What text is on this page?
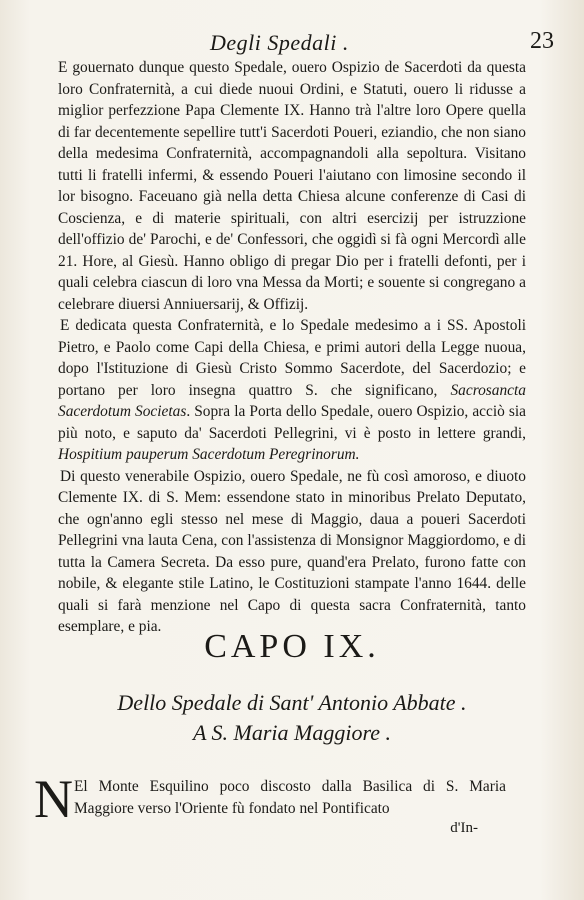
Degli Spedali .	23

E gouernato dunque questo Spedale, ouero Ospizio de Sacerdoti da questa loro Confraternità, a cui diede nuoui Ordini, e Statuti, ouero li ridusse a miglior perfezzione Papa Clemente IX. Hanno trà l'altre loro Opere quella di far decentemente sepellire tutt'i Sacerdoti Poueri, eziandio, che non siano della medesima Confraternità, accompagnandoli alla sepoltura. Visitano tutti li fratelli infermi, & essendo Poueri l'aiutano con limosine secondo il lor bisogno. Faceuano già nella detta Chiesa alcune conferenze di Casi di Coscienza, e di materie spirituali, con altri esercizij per istruzzione dell'offizio de' Parochi, e de' Confessori, che oggidì si fà ogni Mercordì alle 21. Hore, al Giesù. Hanno obligo di pregar Dio per i fratelli defonti, per i quali celebra ciascun di loro vna Messa da Morti; e souente si congregano a celebrare diuersi Anniuersarij, & Offizij.

E dedicata questa Confraternità, e lo Spedale medesimo a i SS. Apostoli Pietro, e Paolo come Capi della Chiesa, e primi autori della Legge nuoua, dopo l'Istituzione di Giesù Cristo Sommo Sacerdote, del Sacerdozio; e portano per loro insegna quattro S. che significano, Sacrosancta Sacerdotum Societas. Sopra la Porta dello Spedale, ouero Ospizio, acciò sia più noto, e saputo da' Sacerdoti Pellegrini, vi è posto in lettere grandi, Hospitium pauperum Sacerdotum Peregrinorum.

Di questo venerabile Ospizio, ouero Spedale, ne fù così amoroso, e diuoto Clemente IX. di S. Mem: essendone stato in minoribus Prelato Deputato, che ogn'anno egli stesso nel mese di Maggio, daua a poueri Sacerdoti Pellegrini vna lauta Cena, con l'assistenza di Monsignor Maggiordomo, e di tutta la Camera Secreta. Da esso pure, quand'era Prelato, furono fatte con nobile, & elegante stile Latino, le Costituzioni stampate l'anno 1644. delle quali si farà menzione nel Capo di questa sacra Confraternità, tanto esemplare, e pia.

CAPO IX.
Dello Spedale di Sant' Antonio Abbate .
A S. Maria Maggiore .
N El Monte Esquilino poco discosto dalla Basilica di S. Maria Maggiore verso l'Oriente fù fondato nel Pontificato
d'In-
